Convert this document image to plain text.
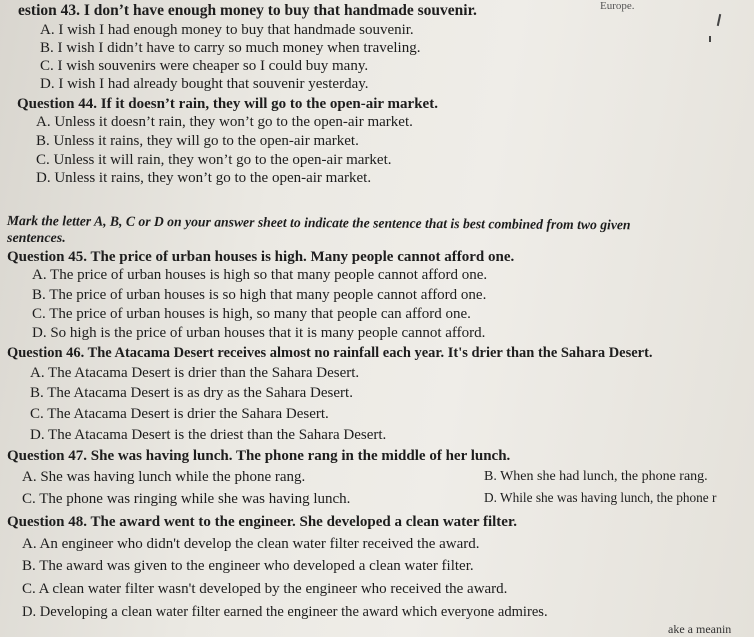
Europe.
estion 43. I don’t have enough money to buy that handmade souvenir.
A. I wish I had enough money to buy that handmade souvenir.
B. I wish I didn’t have to carry so much money when traveling.
C. I wish souvenirs were cheaper so I could buy many.
D. I wish I had already bought that souvenir yesterday.
Question 44. If it doesn’t rain, they will go to the open-air market.
A. Unless it doesn’t rain, they won’t go to the open-air market.
B. Unless it rains, they will go to the open-air market.
C. Unless it will rain, they won’t go to the open-air market.
D. Unless it rains, they won’t go to the open-air market.
Mark the letter A, B, C or D on your answer sheet to indicate the sentence that is best combined from two given
sentences.
Question 45. The price of urban houses is high. Many people cannot afford one.
A. The price of urban houses is high so that many people cannot afford one.
B. The price of urban houses is so high that many people cannot afford one.
C. The price of urban houses is high, so many that people can afford one.
D. So high is the price of urban houses that it is many people cannot afford.
Question 46. The Atacama Desert receives almost no rainfall each year. It's drier than the Sahara Desert.
A. The Atacama Desert is drier than the Sahara Desert.
B. The Atacama Desert is as dry as the Sahara Desert.
C. The Atacama Desert is drier the Sahara Desert.
D. The Atacama Desert is the driest than the Sahara Desert.
Question 47. She was having lunch. The phone rang in the middle of her lunch.
A. She was having lunch while the phone rang.	B. When she had lunch, the phone rang.
C. The phone was ringing while she was having lunch.	D. While she was having lunch, the phone r
Question 48. The award went to the engineer. She developed a clean water filter.
A. An engineer who didn't develop the clean water filter received the award.
B. The award was given to the engineer who developed a clean water filter.
C. A clean water filter wasn't developed by the engineer who received the award.
D. Developing a clean water filter earned the engineer the award which everyone admires.
ake a meanin
